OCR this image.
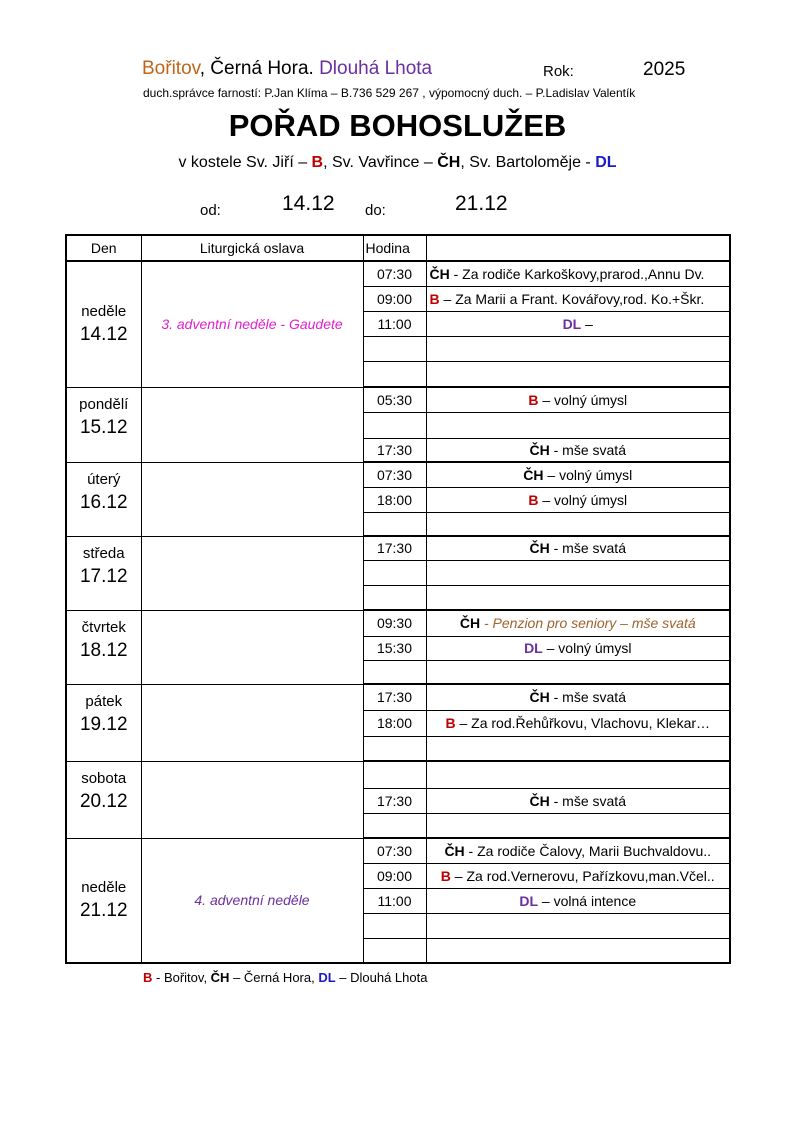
Bořitov, Černá Hora. Dlouhá Lhota	Rok:	2025
duch.správce farností: P.Jan Klíma – B.736 529 267 , výpomocný duch. – P.Ladislav Valentík
POŘAD BOHOSLUŽEB
v kostele Sv. Jiří – B, Sv. Vavřince – ČH, Sv. Bartoloměje - DL
od:	14.12 do:	21.12
Den	Liturgická oslava	Hodina	

neděle
14.12	3. adventní neděle - Gaudete	07:30	ČH - Za rodiče Karkoškovy,prarod.,Annu Dv.
		09:00	B – Za Marii a Frant. Kovářovy,rod. Ko.+Škr.
		11:00	DL –

pondělí
15.12		05:30	B – volný úmysl

		17:30	ČH - mše svatá

úterý
16.12		07:30	ČH – volný úmysl
		18:00	B – volný úmysl

středa
17.12		17:30	ČH - mše svatá

čtvrtek
18.12		09:30	ČH - Penzion pro seniory – mše svatá
		15:30	DL – volný úmysl

pátek
19.12		17:30	ČH - mše svatá
		18:00	B – Za rod.Řehůřkovu, Vlachovu, Klekar…

sobota
20.12			

		17:30	ČH - mše svatá

neděle
21.12	4. adventní neděle	07:30	ČH - Za rodiče Čalovy, Marii Buchvaldovu..
		09:00	B – Za rod.Vernerovu, Pařízkovu,man.Včel..
		11:00	DL – volná intence

B - Bořitov, ČH – Černá Hora, DL – Dlouhá Lhota
